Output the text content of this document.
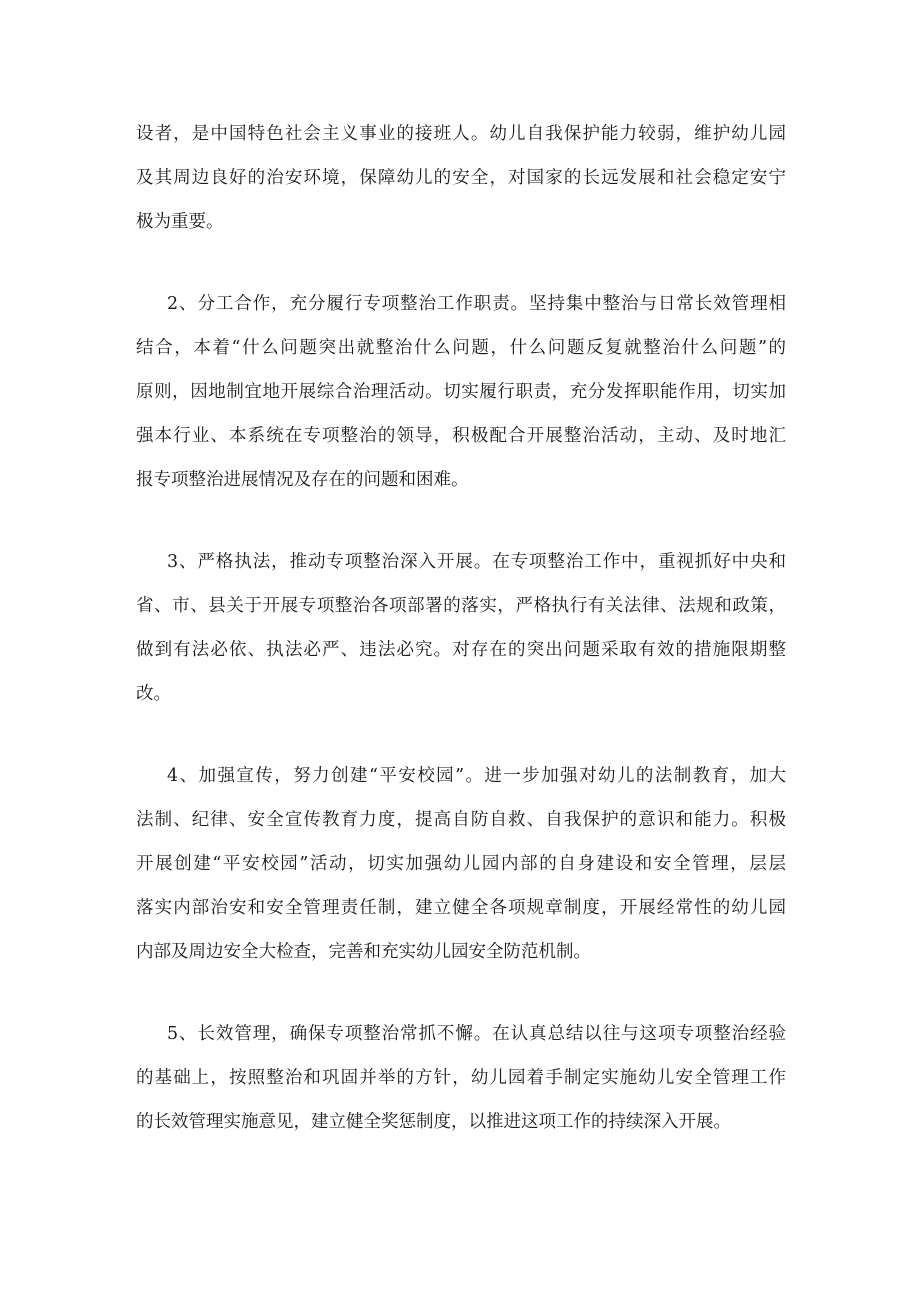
设者，是中国特色社会主义事业的接班人。幼儿自我保护能力较弱，维护幼儿园
及其周边良好的治安环境，保障幼儿的安全，对国家的长远发展和社会稳定安宁
极为重要。
2、分工合作，充分履行专项整治工作职责。坚持集中整治与日常长效管理相
结合，本着“什么问题突出就整治什么问题，什么问题反复就整治什么问题”的
原则，因地制宜地开展综合治理活动。切实履行职责，充分发挥职能作用，切实加
强本行业、本系统在专项整治的领导，积极配合开展整治活动，主动、及时地汇
报专项整治进展情况及存在的问题和困难。
3、严格执法，推动专项整治深入开展。在专项整治工作中，重视抓好中央和
省、市、县关于开展专项整治各项部署的落实，严格执行有关法律、法规和政策，
做到有法必依、执法必严、违法必究。对存在的突出问题采取有效的措施限期整
改。
4、加强宣传，努力创建“平安校园”。进一步加强对幼儿的法制教育，加大
法制、纪律、安全宣传教育力度，提高自防自救、自我保护的意识和能力。积极
开展创建“平安校园”活动，切实加强幼儿园内部的自身建设和安全管理，层层
落实内部治安和安全管理责任制，建立健全各项规章制度，开展经常性的幼儿园
内部及周边安全大检查，完善和充实幼儿园安全防范机制。
5、长效管理，确保专项整治常抓不懈。在认真总结以往与这项专项整治经验
的基础上，按照整治和巩固并举的方针，幼儿园着手制定实施幼儿安全管理工作
的长效管理实施意见，建立健全奖惩制度，以推进这项工作的持续深入开展。
